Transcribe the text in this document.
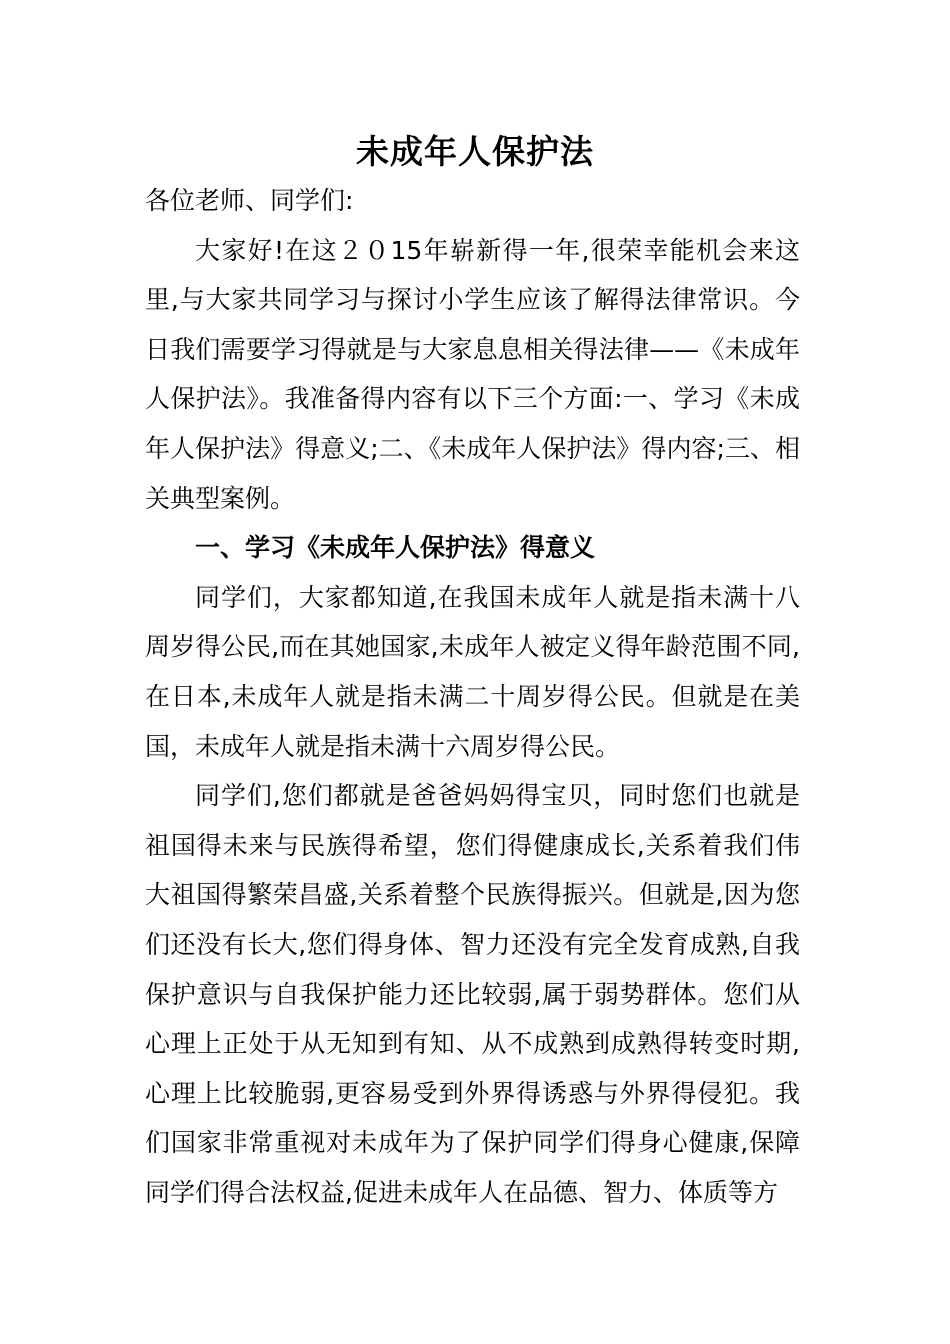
未成年人保护法

各位老师、同学们:

大家好!在这２０15年崭新得一年,很荣幸能机会来这里,与大家共同学习与探讨小学生应该了解得法律常识。今日我们需要学习得就是与大家息息相关得法律——《未成年人保护法》。我准备得内容有以下三个方面:一、学习《未成年人保护法》得意义;二、《未成年人保护法》得内容;三、相关典型案例。

一、学习《未成年人保护法》得意义

同学们，大家都知道,在我国未成年人就是指未满十八周岁得公民,而在其她国家,未成年人被定义得年龄范围不同,在日本,未成年人就是指未满二十周岁得公民。但就是在美国，未成年人就是指未满十六周岁得公民。

同学们,您们都就是爸爸妈妈得宝贝，同时您们也就是祖国得未来与民族得希望，您们得健康成长,关系着我们伟大祖国得繁荣昌盛,关系着整个民族得振兴。但就是,因为您们还没有长大,您们得身体、智力还没有完全发育成熟,自我保护意识与自我保护能力还比较弱,属于弱势群体。您们从心理上正处于从无知到有知、从不成熟到成熟得转变时期,心理上比较脆弱,更容易受到外界得诱惑与外界得侵犯。我们国家非常重视对未成年为了保护同学们得身心健康,保障同学们得合法权益,促进未成年人在品德、智力、体质等方
